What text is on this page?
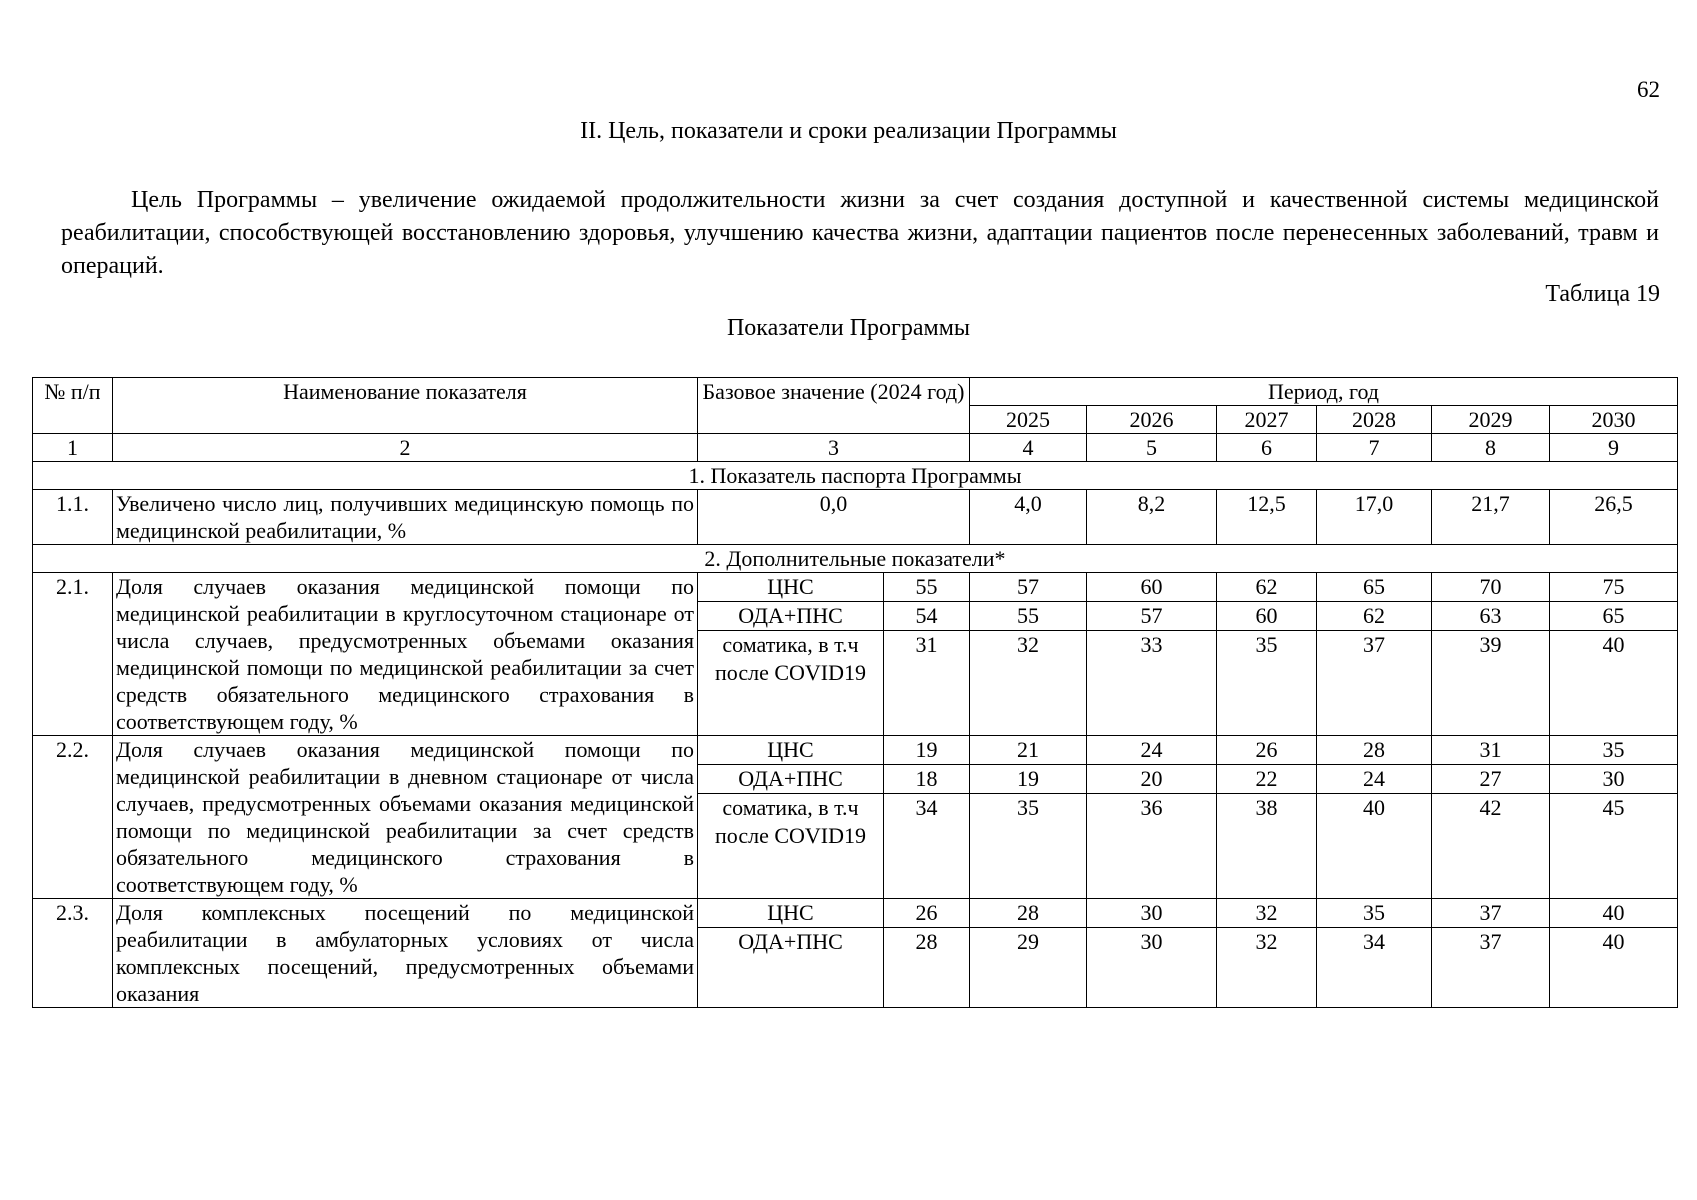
62
II. Цель, показатели и сроки реализации Программы

Цель Программы – увеличение ожидаемой продолжительности жизни за счет создания доступной и качественной системы медицинской реабилитации, способствующей восстановлению здоровья, улучшению качества жизни, адаптации пациентов после перенесенных заболеваний, травм и операций.

Таблица 19
Показатели Программы
№ п/п	Наименование показателя	Базовое значение (2024 год)		Период, год					
				2025	2026	2027	2028	2029	2030
1	2	3		4	5	6	7	8	9
1. Показатель паспорта Программы									
1.1.	Увеличено число лиц, получивших медицинскую помощь по медицинской реабилитации, %	0,0		4,0	8,2	12,5	17,0	21,7	26,5
2. Дополнительные показатели*									
2.1.	Доля случаев оказания медицинской помощи по медицинской реабилитации в круглосуточном стационаре от числа случаев, предусмотренных объемами оказания медицинской помощи по медицинской реабилитации за счет средств обязательного медицинского страхования в соответствующем году, %	ЦНС	55	57	60	62	65	70	75
		ОДА+ПНС	54	55	57	60	62	63	65
		соматика, в т.ч после COVID19	31	32	33	35	37	39	40
2.2.	Доля случаев оказания медицинской помощи по медицинской реабилитации в дневном стационаре от числа случаев, предусмотренных объемами оказания медицинской помощи по медицинской реабилитации за счет средств обязательного медицинского страхования в соответствующем году, %	ЦНС	19	21	24	26	28	31	35
		ОДА+ПНС	18	19	20	22	24	27	30
		соматика, в т.ч после COVID19	34	35	36	38	40	42	45
2.3.	Доля комплексных посещений по медицинской реабилитации в амбулаторных условиях от числа комплексных посещений, предусмотренных объемами оказания	ЦНС	26	28	30	32	35	37	40
		ОДА+ПНС	28	29	30	32	34	37	40
